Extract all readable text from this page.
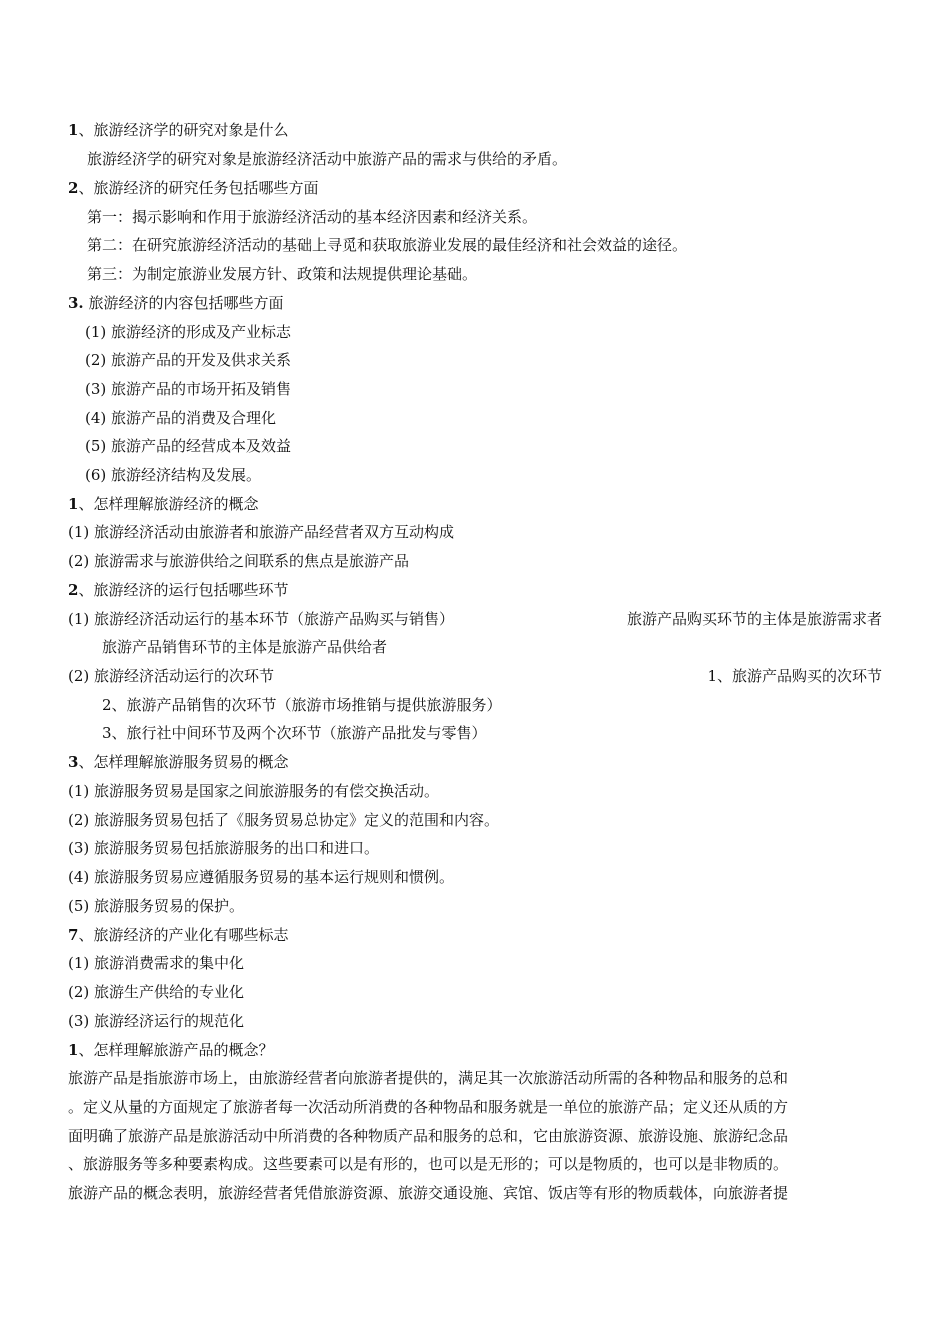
1、旅游经济学的研究对象是什么
旅游经济学的研究对象是旅游经济活动中旅游产品的需求与供给的矛盾。
2、旅游经济的研究任务包括哪些方面
第一：揭示影响和作用于旅游经济活动的基本经济因素和经济关系。
第二：在研究旅游经济活动的基础上寻觅和获取旅游业发展的最佳经济和社会效益的途径。
第三：为制定旅游业发展方针、政策和法规提供理论基础。
3. 旅游经济的内容包括哪些方面
(1) 旅游经济的形成及产业标志
(2) 旅游产品的开发及供求关系
(3) 旅游产品的市场开拓及销售
(4) 旅游产品的消费及合理化
(5) 旅游产品的经营成本及效益
(6) 旅游经济结构及发展。
1、怎样理解旅游经济的概念
(1) 旅游经济活动由旅游者和旅游产品经营者双方互动构成
(2) 旅游需求与旅游供给之间联系的焦点是旅游产品
2、旅游经济的运行包括哪些环节
(1) 旅游经济活动运行的基本环节（旅游产品购买与销售）	旅游产品购买环节的主体是旅游需求者
旅游产品销售环节的主体是旅游产品供给者
(2) 旅游经济活动运行的次环节	1、旅游产品购买的次环节
2、旅游产品销售的次环节（旅游市场推销与提供旅游服务）
3、旅行社中间环节及两个次环节（旅游产品批发与零售）
3、怎样理解旅游服务贸易的概念
(1) 旅游服务贸易是国家之间旅游服务的有偿交换活动。
(2) 旅游服务贸易包括了《服务贸易总协定》定义的范围和内容。
(3) 旅游服务贸易包括旅游服务的出口和进口。
(4) 旅游服务贸易应遵循服务贸易的基本运行规则和惯例。
(5) 旅游服务贸易的保护。
7、旅游经济的产业化有哪些标志
(1) 旅游消费需求的集中化
(2) 旅游生产供给的专业化
(3) 旅游经济运行的规范化
1、怎样理解旅游产品的概念？
旅游产品是指旅游市场上，由旅游经营者向旅游者提供的，满足其一次旅游活动所需的各种物品和服务的总和
。定义从量的方面规定了旅游者每一次活动所消费的各种物品和服务就是一单位的旅游产品；定义还从质的方
面明确了旅游产品是旅游活动中所消费的各种物质产品和服务的总和，它由旅游资源、旅游设施、旅游纪念品
、旅游服务等多种要素构成。这些要素可以是有形的，也可以是无形的；可以是物质的，也可以是非物质的。
旅游产品的概念表明，旅游经营者凭借旅游资源、旅游交通设施、宾馆、饭店等有形的物质载体，向旅游者提
